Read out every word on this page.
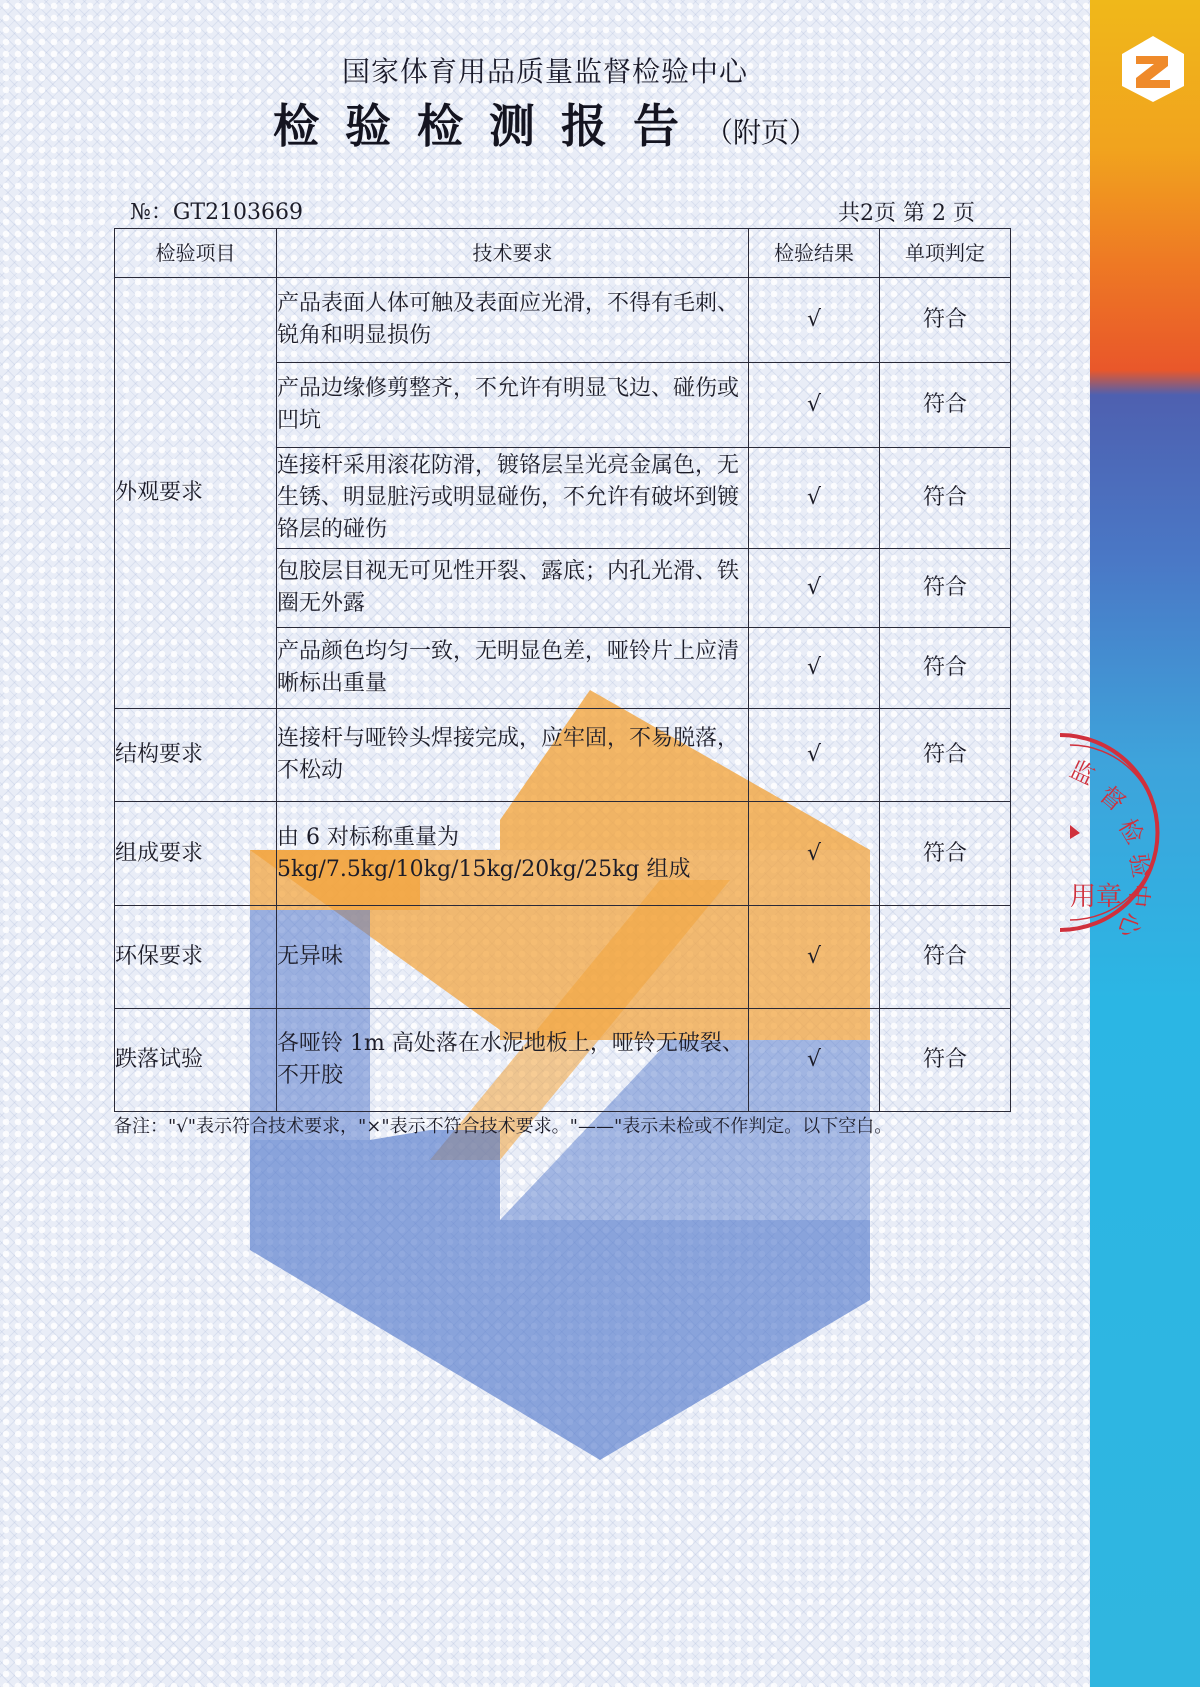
国家体育用品质量监督检验中心
检验检测报告（附页）
№：GT2103669	共2页 第 2 页
检验项目	技术要求	检验结果	单项判定
外观要求	产品表面人体可触及表面应光滑，不得有毛刺、锐角和明显损伤	√	符合
	产品边缘修剪整齐，不允许有明显飞边、碰伤或凹坑	√	符合
	连接杆采用滚花防滑，镀铬层呈光亮金属色，无生锈、明显脏污或明显碰伤，不允许有破坏到镀铬层的碰伤	√	符合
	包胶层目视无可见性开裂、露底；内孔光滑、铁圈无外露	√	符合
	产品颜色均匀一致，无明显色差，哑铃片上应清晰标出重量	√	符合
结构要求	连接杆与哑铃头焊接完成，应牢固，不易脱落，不松动	√	符合
组成要求	由 6 对标称重量为 5kg/7.5kg/10kg/15kg/20kg/25kg 组成	√	符合
环保要求	无异味	√	符合
跌落试验	各哑铃 1m 高处落在水泥地板上，哑铃无破裂、不开胶	√	符合
备注："√"表示符合技术要求，"×"表示不符合技术要求。"——"表示未检或不作判定。以下空白。
监
督
检
验
中
心
用章
